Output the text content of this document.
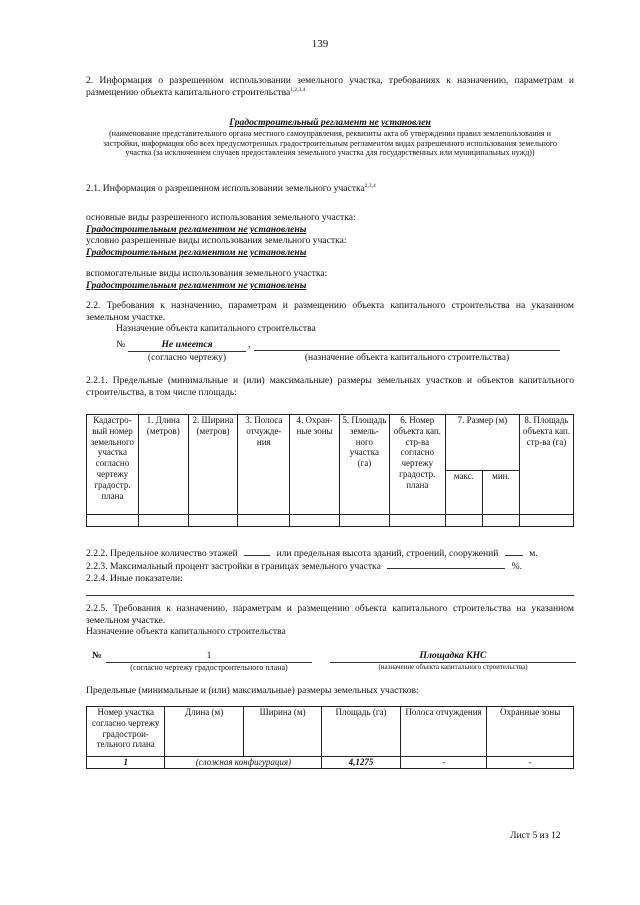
139
2. Информация о разрешенном использовании земельного участка, требованиях к назначению, параметрам и размещению объекта капитального строительства$^{1,2,3,4}$
Градостроительный регламент не установлен
(наименование представительного органа местного самоуправления, реквизиты акта об утверждении правил землепользования и застройки, информация обо всех предусмотренных градостроительным регламентом видах разрешенного использования земельного участка (за исключением случаев предоставления земельного участка для государственных или муниципальных нужд))
2.1. Информация о разрешенном использовании земельного участка$^{2,3,4}$
основные виды разрешенного использования земельного участка:
Градостроительным регламентом не установлены
условно разрешенные виды использования земельного участка:
Градостроительным регламентом не установлены
вспомогательные виды использования земельного участка:
Градостроительным регламентом не установлены
2.2. Требования к назначению, параметрам и размещению объекта капитального строительства на указанном земельном участке.
Назначение объекта капитального строительства
№	Не имеется	,
(согласно чертежу)	(назначение объекта капитального строительства)
2.2.1. Предельные (минимальные и (или) максимальные) размеры земельных участков и объектов капитального строительства, в том числе площадь:
Кадастро-вый номер земельного участка согласно чертежу градостр. плана	1. Длина (метров)	2. Ширина (метров)	3. Полоса отчужде-ния	4. Охран-ные зоны	5. Площадь земель-ного участка (га)	6. Номер объекта кап. стр-ва согласно чертежу градостр. плана	7. Размер (м)		8. Площадь объекта кап. стр-ва (га)
							макс.	мин.	

2.2.2. Предельное количество этажей	или предельная высота зданий, строений, сооружений	м.
2.2.3. Максимальный процент застройки в границах земельного участка	%.
2.2.4. Иные показатели:
2.2.5. Требования к назначению, параметрам и размещению объекта капитального строительства на указанном земельном участке.
Назначение объекта капитального строительства
№	1	Площадка КНС
(согласно чертежу градостроительного плана)	(назначение объекта капитального строительства)
Предельные (минимальные и (или) максимальные) размеры земельных участков:
Номер участка согласно чертежу градострои-тельного плана	Длина (м)	Ширина (м)	Площадь (га)	Полоса отчуждения	Охранные зоны
1	(сложная конфигурация)		4,1275	-	-
Лист 5 из 12
